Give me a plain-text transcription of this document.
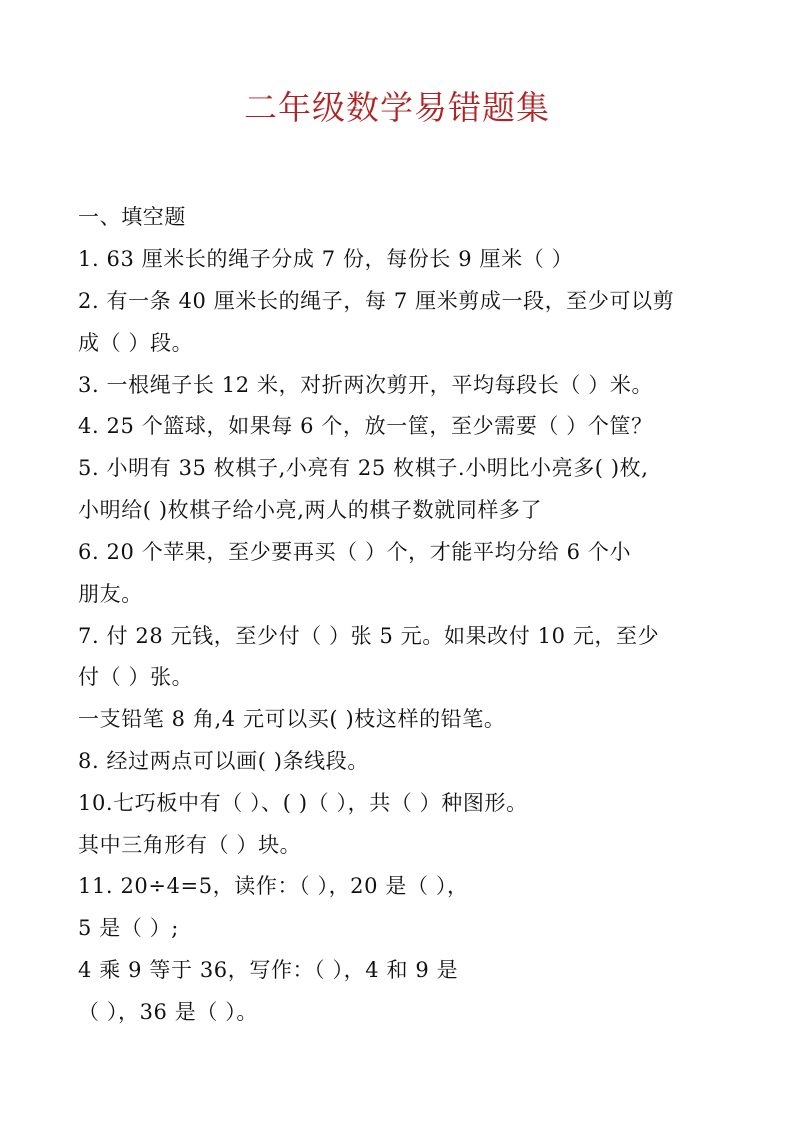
二年级数学易错题集
一、填空题
1. 63 厘米长的绳子分成 7 份，每份长 9 厘米（ ）
2. 有一条 40 厘米长的绳子，每 7 厘米剪成一段，至少可以剪
成（ ）段。
3. 一根绳子长 12 米，对折两次剪开，平均每段长（ ）米。
4. 25 个篮球，如果每 6 个，放一筐，至少需要（ ）个筐？
5. 小明有 35 枚棋子,小亮有 25 枚棋子.小明比小亮多( )枚,
小明给( )枚棋子给小亮,两人的棋子数就同样多了
6. 20 个苹果，至少要再买（ ）个，才能平均分给 6 个小
朋友。
7. 付 28 元钱，至少付（ ）张 5 元。如果改付 10 元，至少
付（ ）张。
一支铅笔 8 角,4 元可以买( )枝这样的铅笔。
8. 经过两点可以画( )条线段。
10.七巧板中有（ ）、( )（ ），共（ ）种图形。
其中三角形有（ ）块。
11. 20÷4=5，读作：（ ），20 是（ ），
5 是（ ）;
4 乘 9 等于 36，写作：（ ），4 和 9 是
（ ），36 是（ ）。
